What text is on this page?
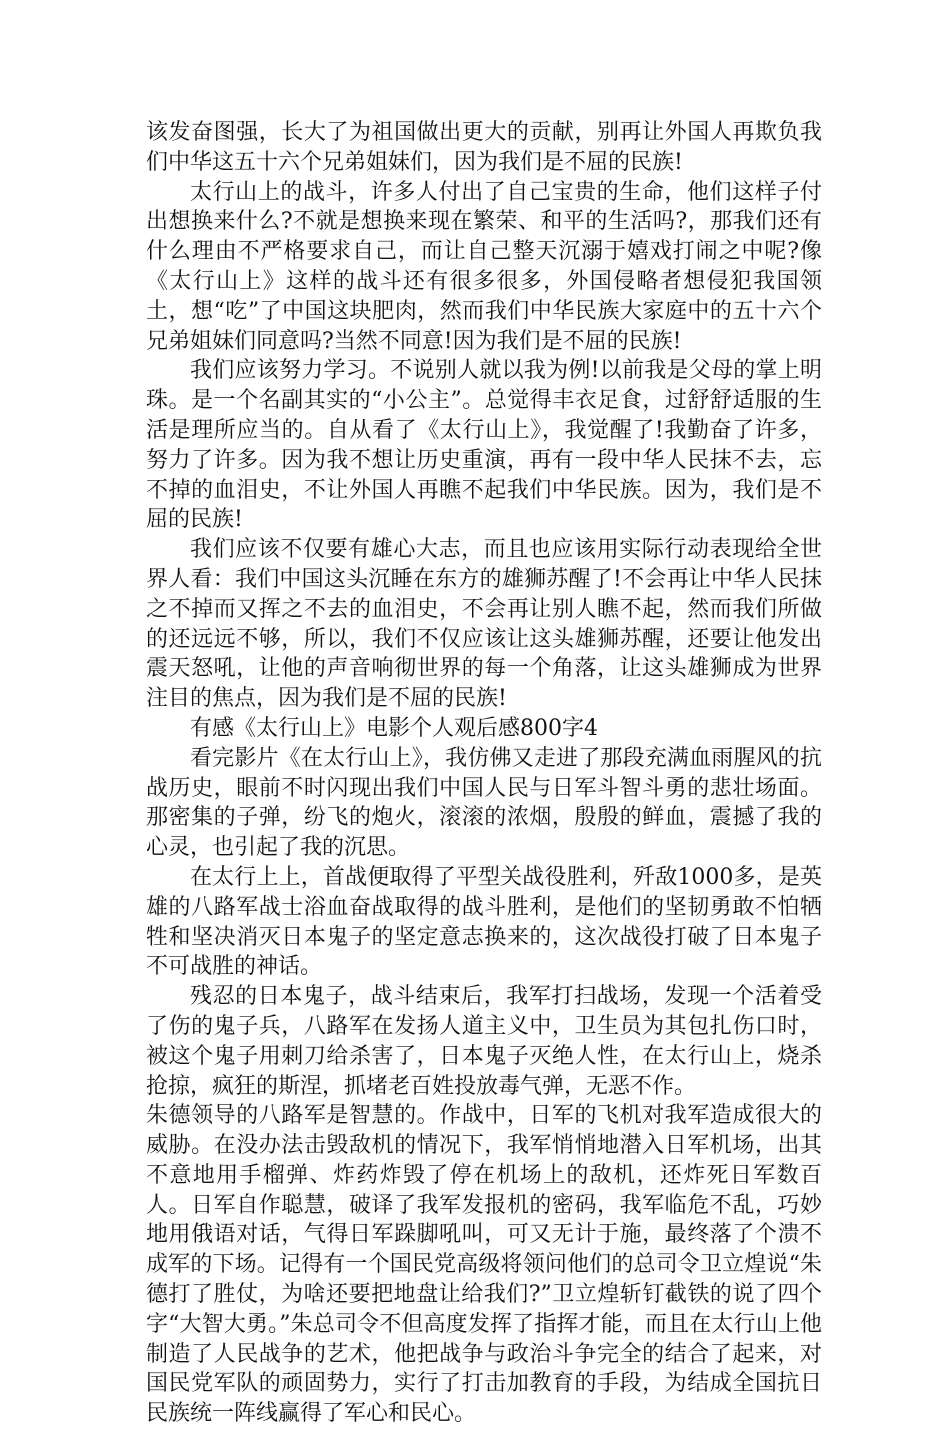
该发奋图强，长大了为祖国做出更大的贡献，别再让外国人再欺负我们中华这五十六个兄弟姐妹们，因为我们是不屈的民族!

太行山上的战斗，许多人付出了自己宝贵的生命，他们这样子付出想换来什么?不就是想换来现在繁荣、和平的生活吗?，那我们还有什么理由不严格要求自己，而让自己整天沉溺于嬉戏打闹之中呢?像《太行山上》这样的战斗还有很多很多，外国侵略者想侵犯我国领土，想“吃”了中国这块肥肉，然而我们中华民族大家庭中的五十六个兄弟姐妹们同意吗?当然不同意!因为我们是不屈的民族!

我们应该努力学习。不说别人就以我为例!以前我是父母的掌上明珠。是一个名副其实的“小公主”。总觉得丰衣足食，过舒舒适服的生活是理所应当的。自从看了《太行山上》，我觉醒了!我勤奋了许多，努力了许多。因为我不想让历史重演，再有一段中华人民抹不去，忘不掉的血泪史，不让外国人再瞧不起我们中华民族。因为，我们是不屈的民族!

我们应该不仅要有雄心大志，而且也应该用实际行动表现给全世界人看：我们中国这头沉睡在东方的雄狮苏醒了!不会再让中华人民抹之不掉而又挥之不去的血泪史，不会再让别人瞧不起，然而我们所做的还远远不够，所以，我们不仅应该让这头雄狮苏醒，还要让他发出震天怒吼，让他的声音响彻世界的每一个角落，让这头雄狮成为世界注目的焦点，因为我们是不屈的民族!

有感《太行山上》电影个人观后感800字4

看完影片《在太行山上》，我仿佛又走进了那段充满血雨腥风的抗战历史，眼前不时闪现出我们中国人民与日军斗智斗勇的悲壮场面。那密集的子弹，纷飞的炮火，滚滚的浓烟，殷殷的鲜血，震撼了我的心灵，也引起了我的沉思。

在太行上上，首战便取得了平型关战役胜利，歼敌1000多，是英雄的八路军战士浴血奋战取得的战斗胜利，是他们的坚韧勇敢不怕牺牲和坚决消灭日本鬼子的坚定意志换来的，这次战役打破了日本鬼子不可战胜的神话。

残忍的日本鬼子，战斗结束后，我军打扫战场，发现一个活着受了伤的鬼子兵，八路军在发扬人道主义中，卫生员为其包扎伤口时，被这个鬼子用刺刀给杀害了，日本鬼子灭绝人性，在太行山上，烧杀抢掠，疯狂的斯涅，抓堵老百姓投放毒气弹，无恶不作。

朱德领导的八路军是智慧的。作战中，日军的飞机对我军造成很大的威胁。在没办法击毁敌机的情况下，我军悄悄地潜入日军机场，出其不意地用手榴弹、炸药炸毁了停在机场上的敌机，还炸死日军数百人。日军自作聪慧，破译了我军发报机的密码，我军临危不乱，巧妙地用俄语对话，气得日军跺脚吼叫，可又无计于施，最终落了个溃不成军的下场。记得有一个国民党高级将领问他们的总司令卫立煌说“朱德打了胜仗，为啥还要把地盘让给我们?”卫立煌斩钉截铁的说了四个字“大智大勇。”朱总司令不但高度发挥了指挥才能，而且在太行山上他制造了人民战争的艺术，他把战争与政治斗争完全的结合了起来，对国民党军队的顽固势力，实行了打击加教育的手段，为结成全国抗日民族统一阵线赢得了军心和民心。
